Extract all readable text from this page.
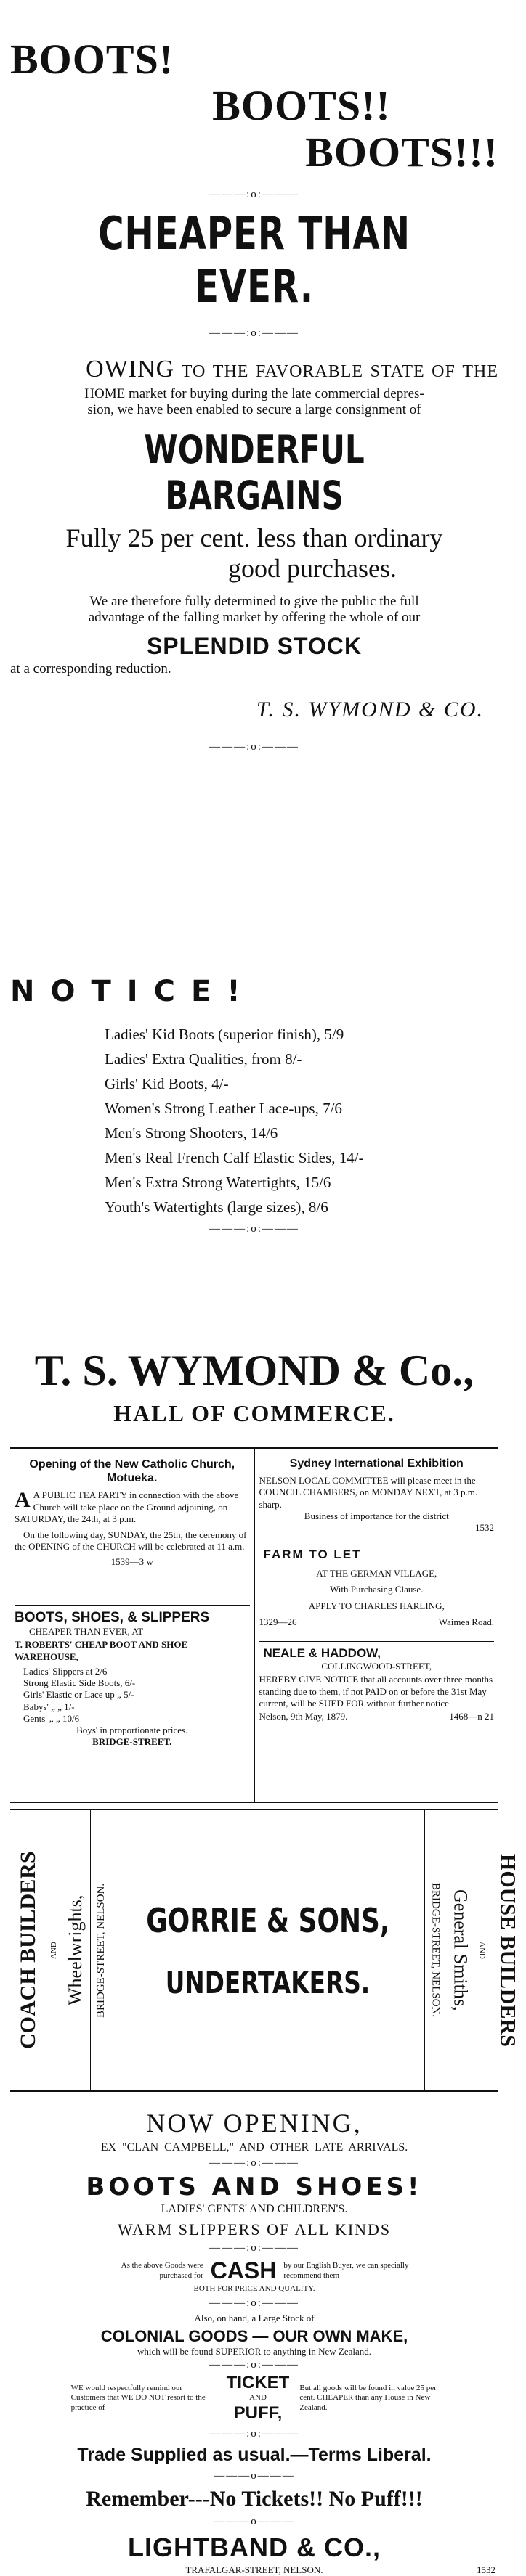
BOOTS!
BOOTS!!
BOOTS!!!
———:o:———
CHEAPER THAN EVER.
———:o:———
OWING to the favorable state of the
HOME market for buying during the late commercial depres-
sion, we have been enabled to secure a large consignment of
WONDERFUL BARGAINS
Fully 25 per cent. less than ordinary
good purchases.
We are therefore fully determined to give the public the full
advantage of the falling market by offering the whole of our
SPLENDID STOCK
at a corresponding reduction.
T. S. WYMOND & CO.
———:o:———
NOTICE!
Ladies' Kid Boots (superior finish), 5/9
Ladies' Extra Qualities, from 8/-
Girls' Kid Boots, 4/-
Women's Strong Leather Lace-ups, 7/6
Men's Strong Shooters, 14/6
Men's Real French Calf Elastic Sides, 14/-
Men's Extra Strong Watertights, 15/6
Youth's Watertights (large sizes), 8/6
———:o:———
T. S. WYMOND & Co.,
HALL OF COMMERCE.
Opening of the New Catholic Church, Motueka.
A A PUBLIC TEA PARTY in connection with the above Church will take place on the Ground adjoining, on SATURDAY, the 24th, at 3 p.m.
On the following day, SUNDAY, the 25th, the ceremony of the OPENING of the CHURCH will be celebrated at 11 a.m.
1539—3 w
BOOTS, SHOES, & SLIPPERS
CHEAPER THAN EVER, AT
T. ROBERTS' CHEAP BOOT AND SHOE WAREHOUSE,
Ladies' Slippers at 2/6
Strong Elastic Side Boots, 6/-
Girls' Elastic or Lace up „ 5/-
Babys' „ „ 1/-
Gents' „ „ 10/6
Boys' in proportionate prices.
BRIDGE-STREET.
Sydney International Exhibition
NELSON LOCAL COMMITTEE will please meet in the COUNCIL CHAMBERS, on MONDAY NEXT, at 3 p.m. sharp.
Business of importance for the district
1532
FARM TO LET
AT THE GERMAN VILLAGE,
With Purchasing Clause.
APPLY TO CHARLES HARLING,
1329—26	Waimea Road.
NEALE & HADDOW,
COLLINGWOOD-STREET,
HEREBY GIVE NOTICE that all accounts over three months standing due to them, if not PAID on or before the 31st May current, will be SUED FOR without further notice.
Nelson, 9th May, 1879.	1468—n 21
COACH BUILDERS	AND Wheelwrights, BRIDGE-STREET, NELSON.	GORRIE & SONS,
UNDERTAKERS.	BRIDGE-STREET, NELSON. General Smiths, AND HOUSE BUILDERS
NOW OPENING,
EX "CLAN CAMPBELL," AND OTHER LATE ARRIVALS.
———:o:———
BOOTS AND SHOES!
LADIES' GENTS' AND CHILDREN'S.
WARM SLIPPERS OF ALL KINDS
———:o:———
As the above Goods were purchased for CASH by our English Buyer, we can specially recommend them
BOTH FOR PRICE AND QUALITY.
———:o:———
Also, on hand, a Large Stock of
COLONIAL GOODS — OUR OWN MAKE,
which will be found SUPERIOR to anything in New Zealand.
———:o:———
WE would respectfully remind our Customers that WE DO NOT resort to the practice of
TICKET
AND
PUFF,
But all goods will be found in value 25 per cent. CHEAPER than any House in New Zealand.
———:o:———
Trade Supplied as usual.—Terms Liberal.
———o———
Remember---No Tickets!! No Puff!!!
———o———
LIGHTBAND & CO.,
TRAFALGAR-STREET, NELSON.	1532
